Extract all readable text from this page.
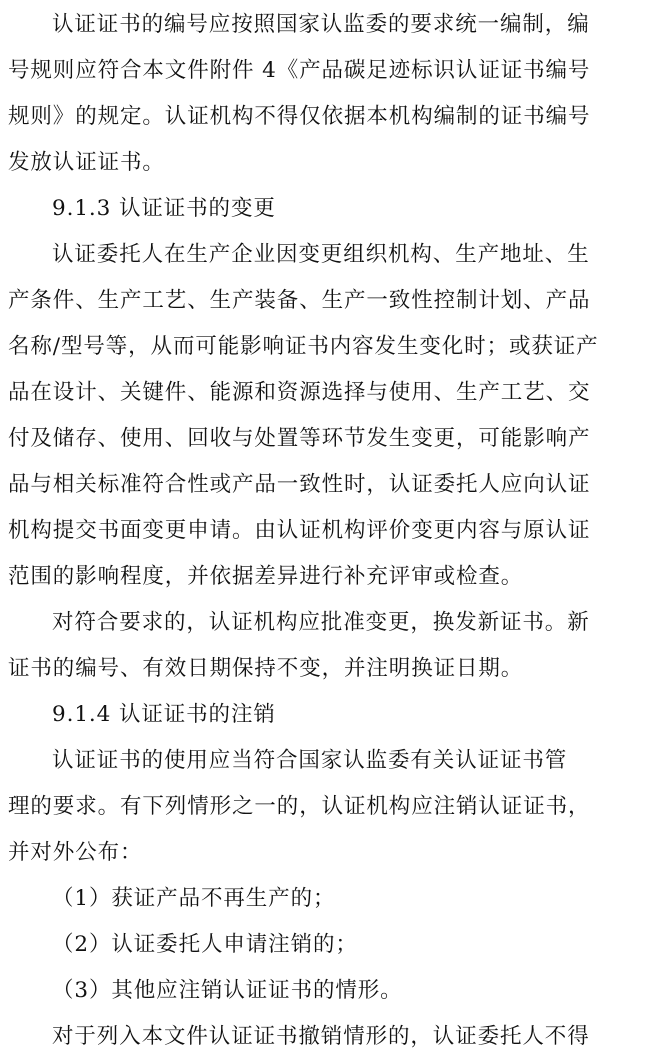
认证证书的编号应按照国家认监委的要求统一编制，编
号规则应符合本文件附件 4《产品碳足迹标识认证证书编号
规则》的规定。认证机构不得仅依据本机构编制的证书编号
发放认证证书。
9.1.3 认证证书的变更
认证委托人在生产企业因变更组织机构、生产地址、生
产条件、生产工艺、生产装备、生产一致性控制计划、产品
名称/型号等，从而可能影响证书内容发生变化时；或获证产
品在设计、关键件、能源和资源选择与使用、生产工艺、交
付及储存、使用、回收与处置等环节发生变更，可能影响产
品与相关标准符合性或产品一致性时，认证委托人应向认证
机构提交书面变更申请。由认证机构评价变更内容与原认证
范围的影响程度，并依据差异进行补充评审或检查。
对符合要求的，认证机构应批准变更，换发新证书。新
证书的编号、有效日期保持不变，并注明换证日期。
9.1.4 认证证书的注销
认证证书的使用应当符合国家认监委有关认证证书管
理的要求。有下列情形之一的，认证机构应注销认证证书，
并对外公布：
（1）获证产品不再生产的；
（2）认证委托人申请注销的；
（3）其他应注销认证证书的情形。
对于列入本文件认证证书撤销情形的，认证委托人不得
